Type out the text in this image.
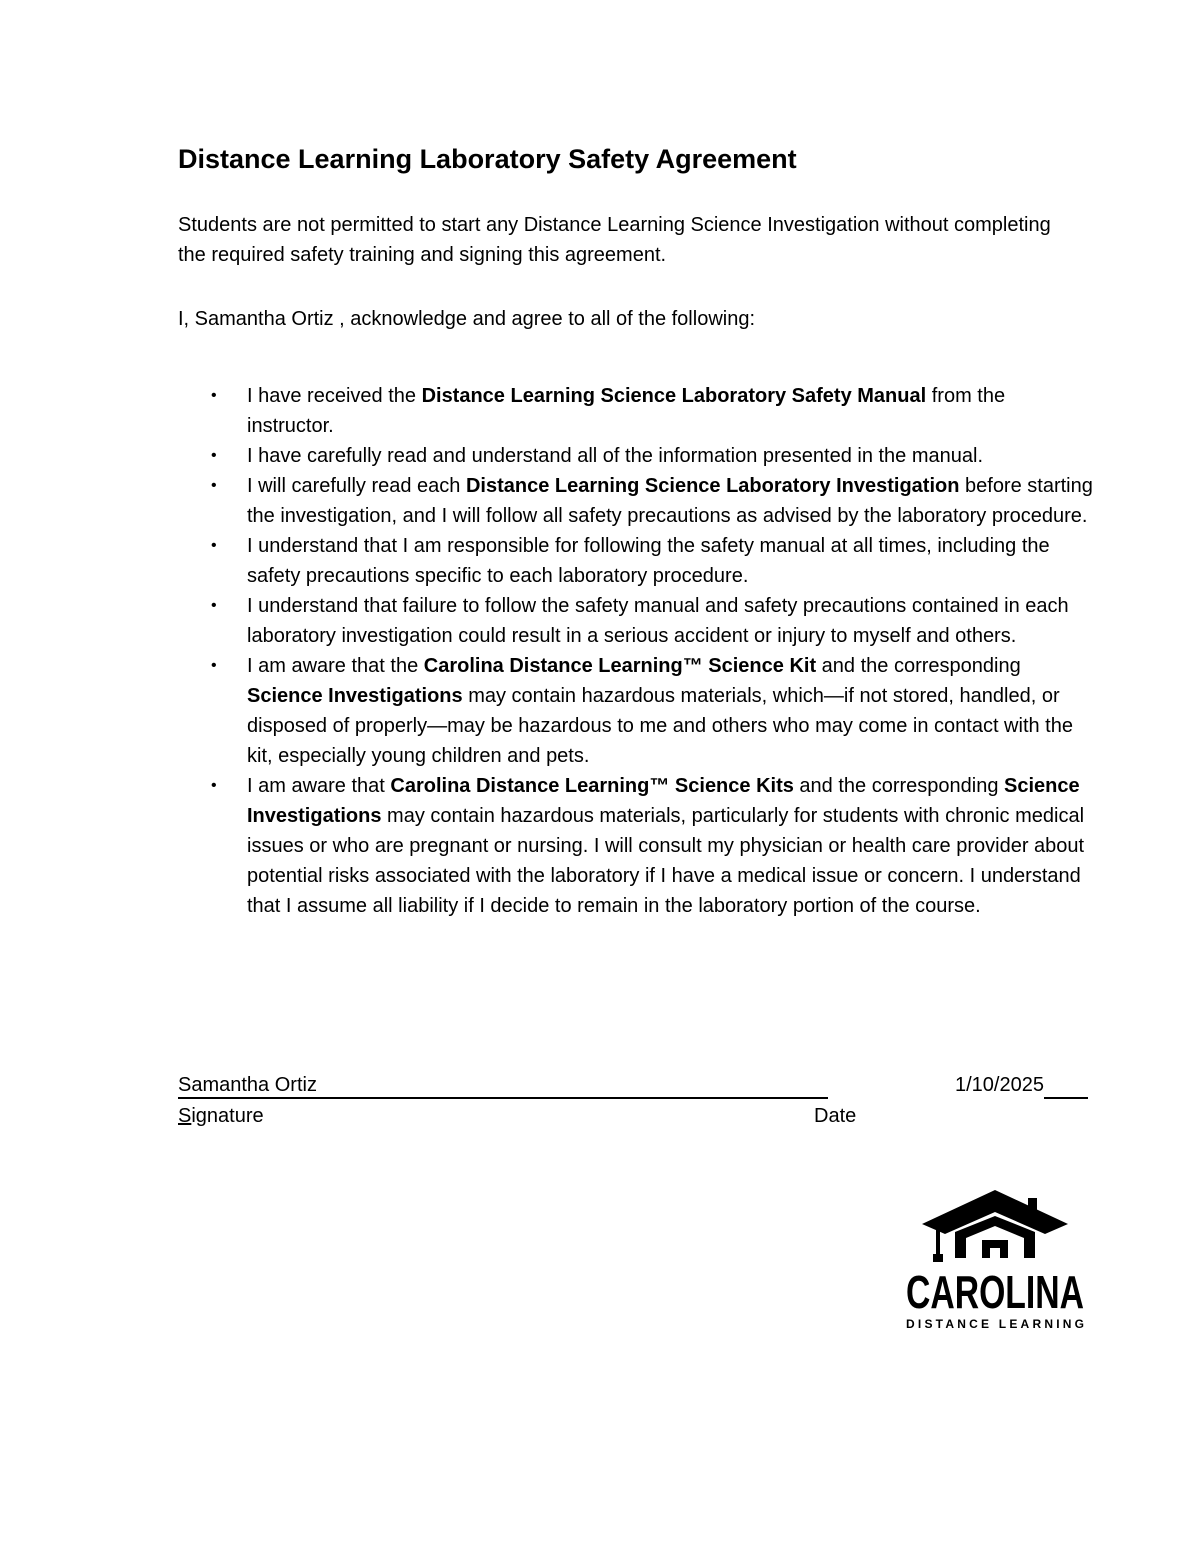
Distance Learning Laboratory Safety Agreement

Students are not permitted to start any Distance Learning Science Investigation without completing the required safety training and signing this agreement.

I, Samantha Ortiz , acknowledge and agree to all of the following:

• I have received the Distance Learning Science Laboratory Safety Manual from the instructor.
• I have carefully read and understand all of the information presented in the manual.
• I will carefully read each Distance Learning Science Laboratory Investigation before starting the investigation, and I will follow all safety precautions as advised by the laboratory procedure.
• I understand that I am responsible for following the safety manual at all times, including the safety precautions specific to each laboratory procedure.
• I understand that failure to follow the safety manual and safety precautions contained in each laboratory investigation could result in a serious accident or injury to myself and others.
• I am aware that the Carolina Distance Learning™ Science Kit and the corresponding Science Investigations may contain hazardous materials, which—if not stored, handled, or disposed of properly—may be hazardous to me and others who may come in contact with the kit, especially young children and pets.
• I am aware that Carolina Distance Learning™ Science Kits and the corresponding Science Investigations may contain hazardous materials, particularly for students with chronic medical issues or who are pregnant or nursing. I will consult my physician or health care provider about potential risks associated with the laboratory if I have a medical issue or concern. I understand that I assume all liability if I decide to remain in the laboratory portion of the course.
Samantha Ortiz	1/10/2025
Signature	Date
CAROLINA
DISTANCE LEARNING
